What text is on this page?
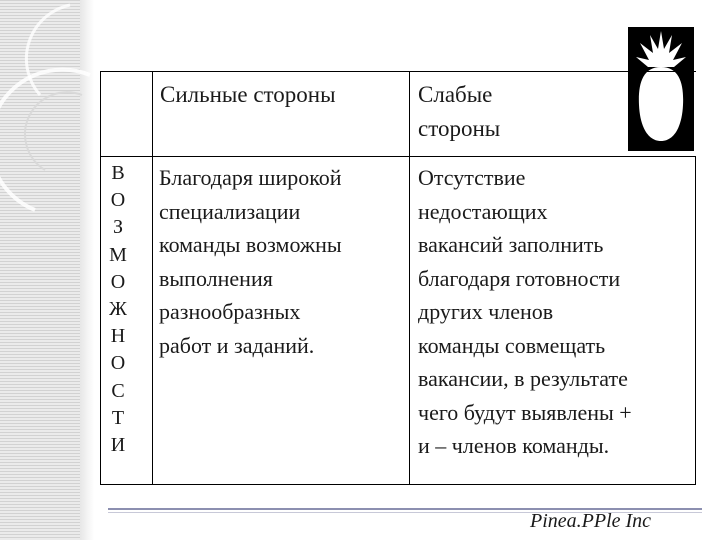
Сильные стороны	Слабые
стороны
В
О
З
М
О
Ж
Н
О
С
Т
И
Благодаря широкой
специализации
команды возможны
выполнения
разнообразных
работ и заданий.
Отсутствие
недостающих
вакансий заполнить
благодаря готовности
других членов
команды совмещать
вакансии, в результате
чего будут выявлены +
и – членов команды.
Pinea.PPle Inc
